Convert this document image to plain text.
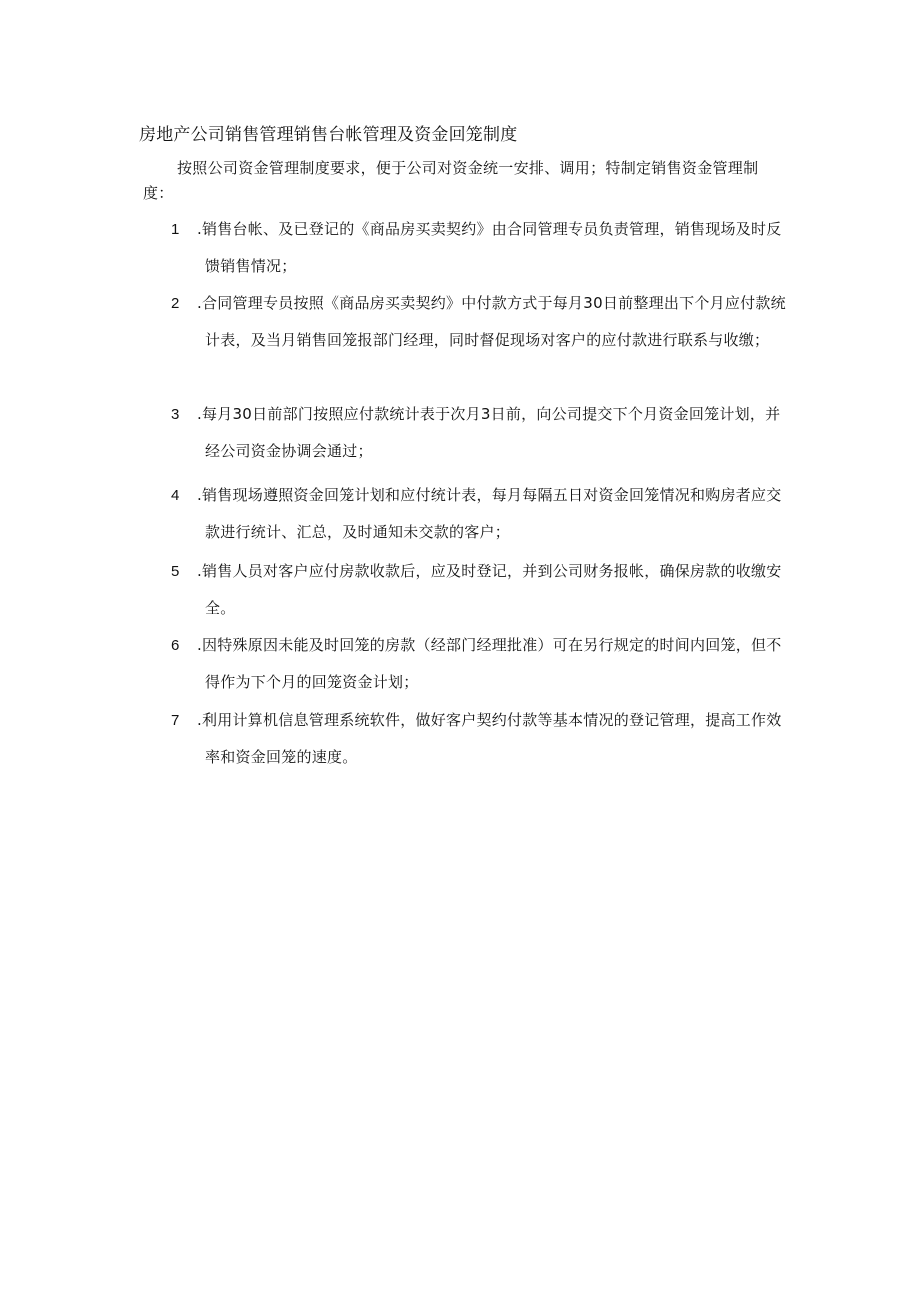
房地产公司销售管理销售台帐管理及资金回笼制度

按照公司资金管理制度要求，便于公司对资金统一安排、调用；特制定销售资金管理制度：

1	.销售台帐、及已登记的《商品房买卖契约》由合同管理专员负责管理，销售现场及时反馈销售情况；
2	.合同管理专员按照《商品房买卖契约》中付款方式于每月30日前整理出下个月应付款统计表，及当月销售回笼报部门经理，同时督促现场对客户的应付款进行联系与收缴；
3	.每月30日前部门按照应付款统计表于次月3日前，向公司提交下个月资金回笼计划，并经公司资金协调会通过；
4	.销售现场遵照资金回笼计划和应付统计表，每月每隔五日对资金回笼情况和购房者应交款进行统计、汇总，及时通知未交款的客户；
5	.销售人员对客户应付房款收款后，应及时登记，并到公司财务报帐，确保房款的收缴安全。
6	.因特殊原因未能及时回笼的房款（经部门经理批准）可在另行规定的时间内回笼，但不得作为下个月的回笼资金计划；
7	.利用计算机信息管理系统软件，做好客户契约付款等基本情况的登记管理，提高工作效率和资金回笼的速度。
